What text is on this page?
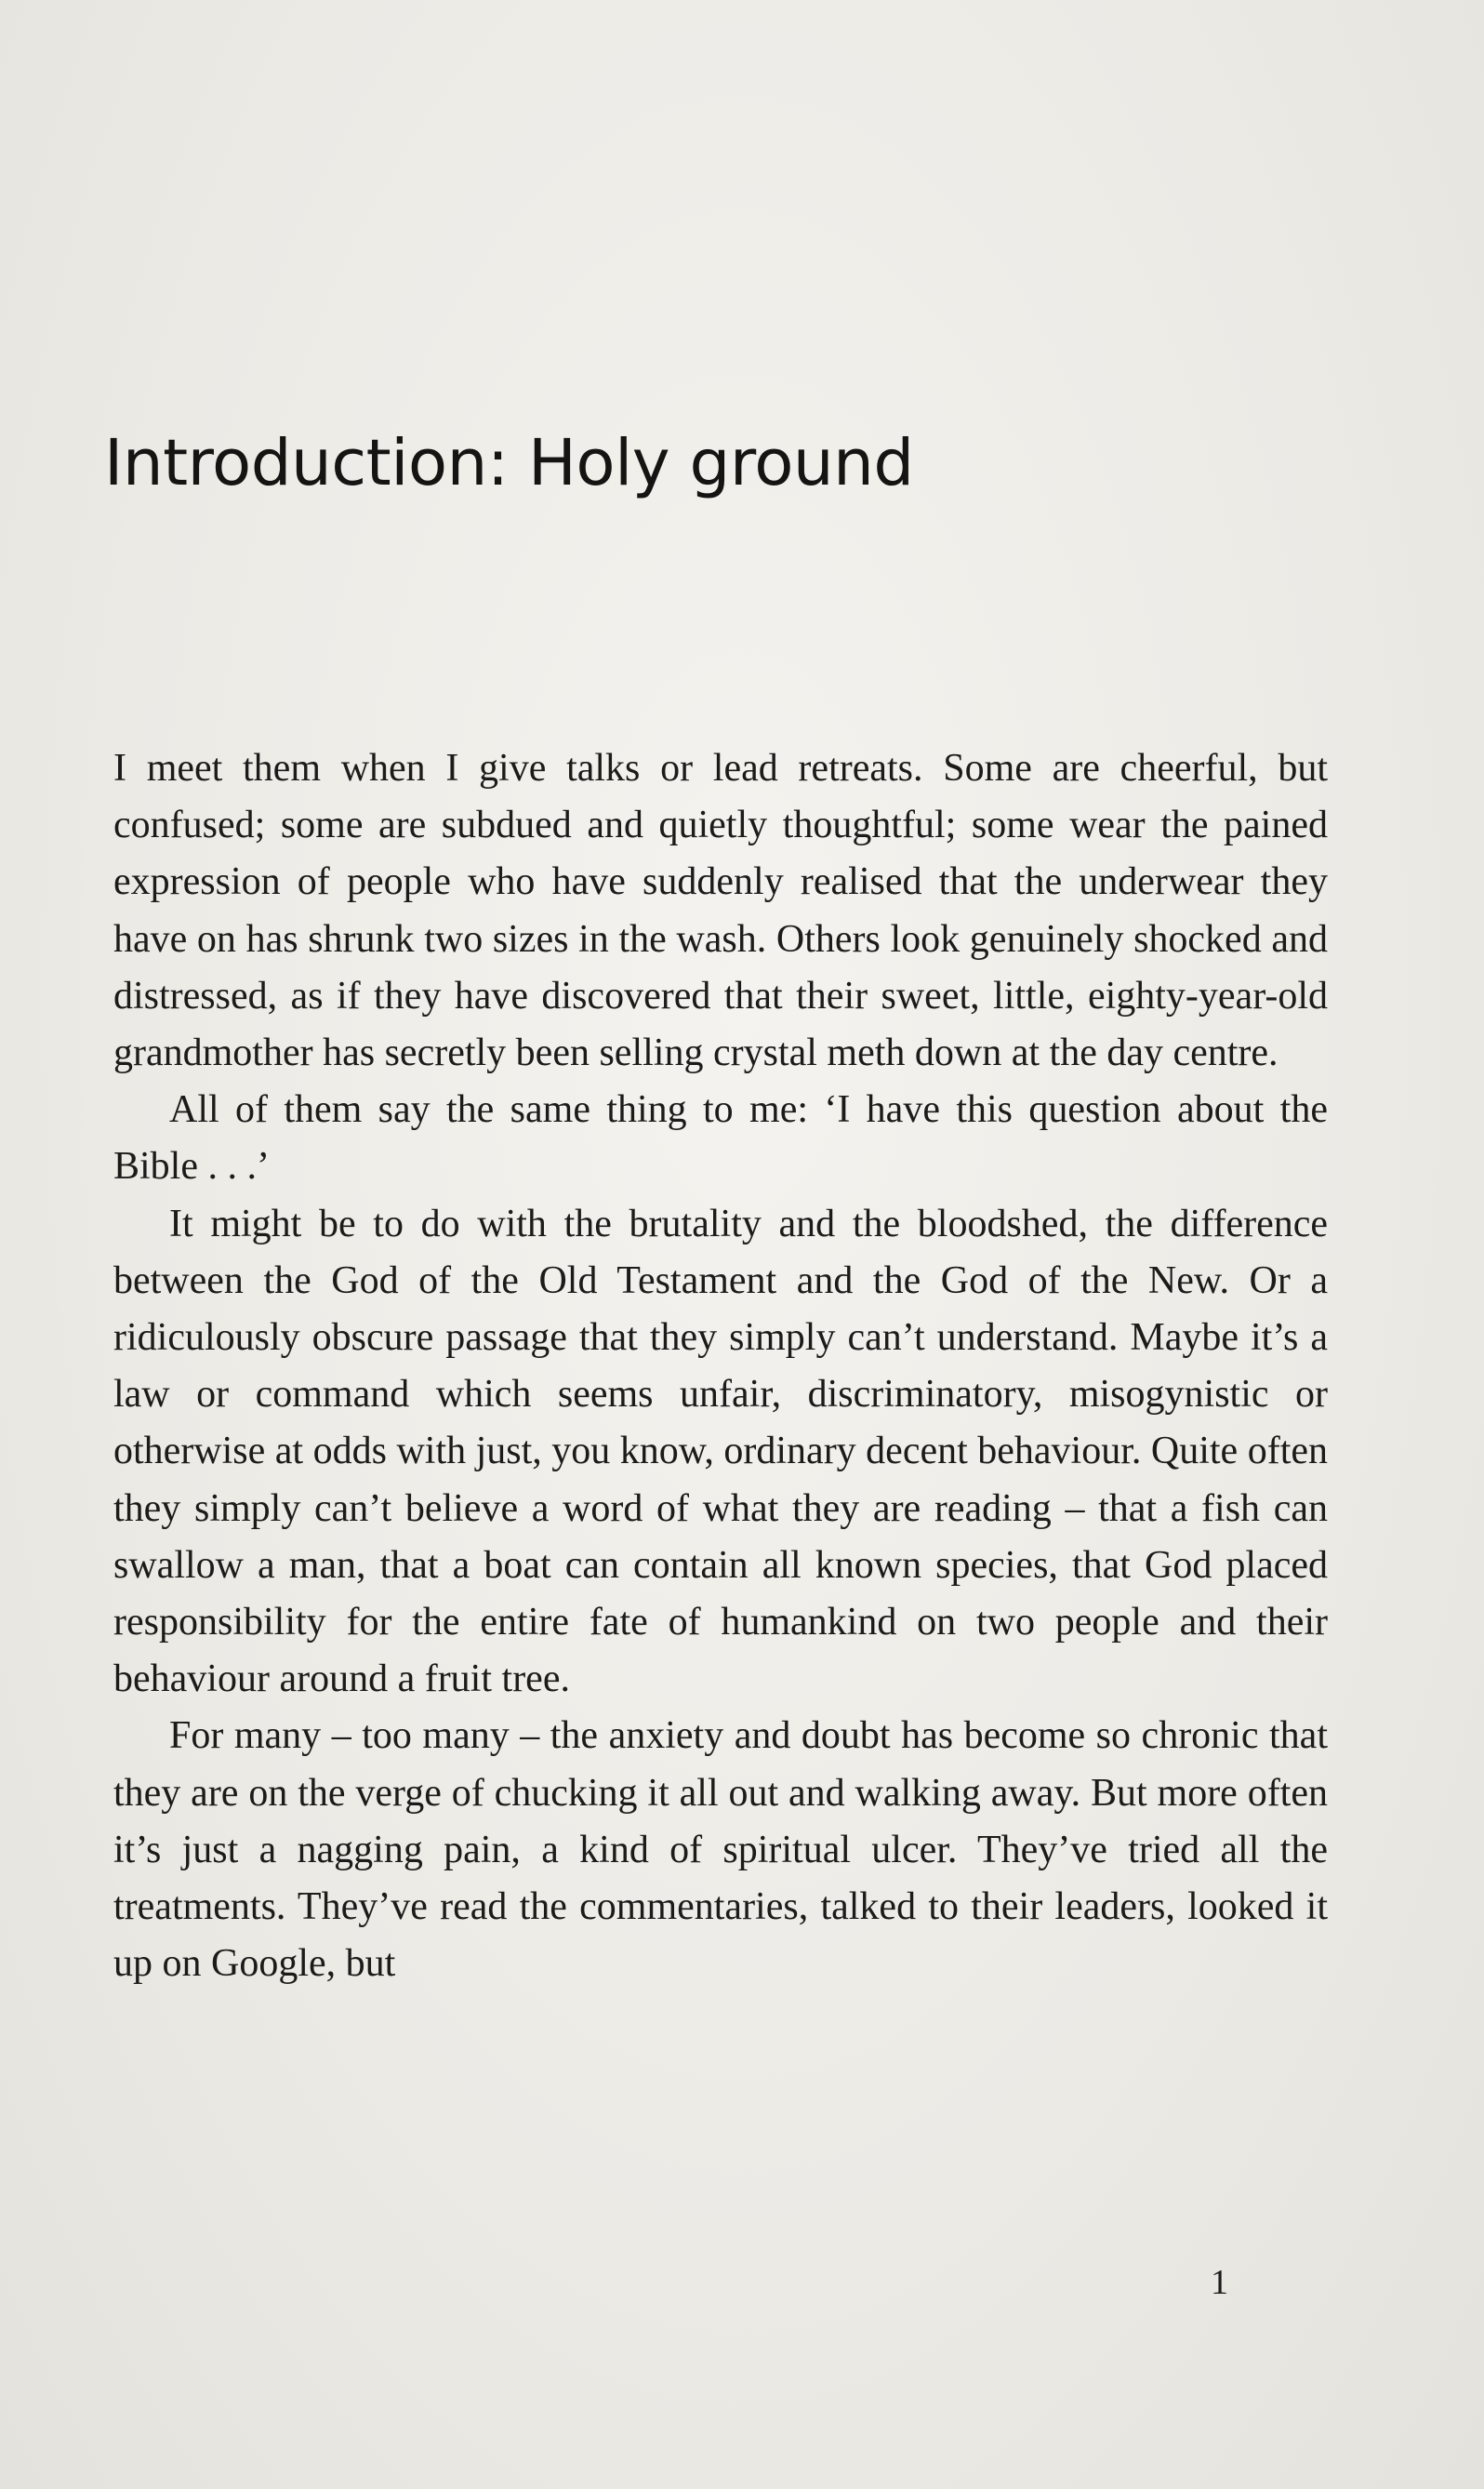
Introduction: Holy ground

I meet them when I give talks or lead retreats. Some are cheerful, but confused; some are subdued and quietly thoughtful; some wear the pained expression of people who have suddenly realised that the underwear they have on has shrunk two sizes in the wash. Others look genuinely shocked and distressed, as if they have discovered that their sweet, little, eighty-year-old grandmother has secretly been selling crystal meth down at the day centre.

All of them say the same thing to me: ‘I have this question about the Bible . . .’

It might be to do with the brutality and the bloodshed, the difference between the God of the Old Testament and the God of the New. Or a ridiculously obscure passage that they simply can’t understand. Maybe it’s a law or command which seems unfair, discriminatory, misogynistic or otherwise at odds with just, you know, ordinary decent behaviour. Quite often they simply can’t believe a word of what they are reading – that a fish can swallow a man, that a boat can contain all known species, that God placed responsibility for the entire fate of humankind on two people and their behaviour around a fruit tree.

For many – too many – the anxiety and doubt has become so chronic that they are on the verge of chucking it all out and walking away. But more often it’s just a nagging pain, a kind of spiritual ulcer. They’ve tried all the treatments. They’ve read the commentaries, talked to their leaders, looked it up on Google, but

1
